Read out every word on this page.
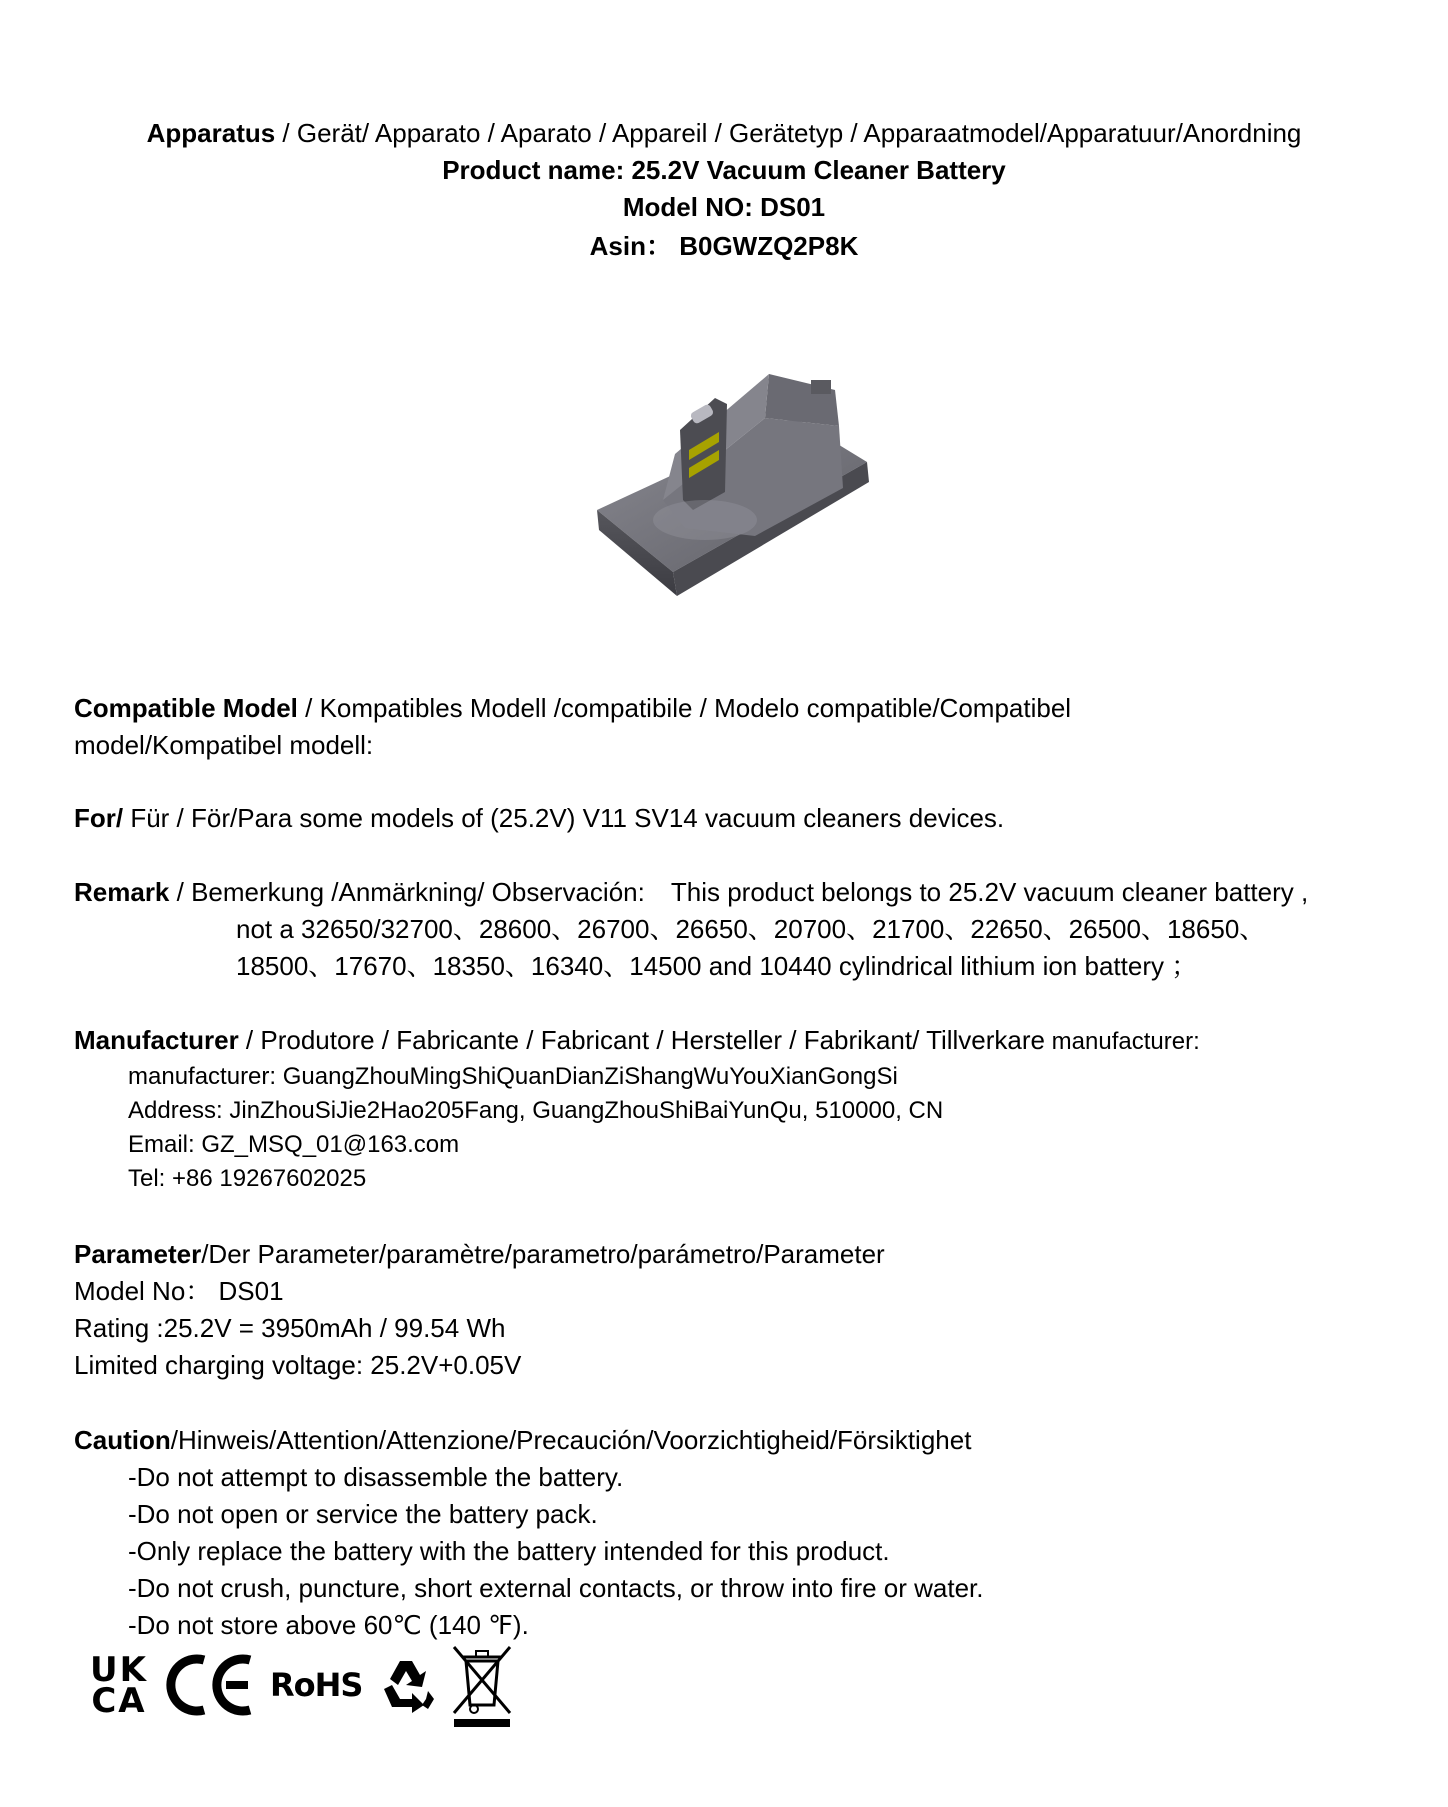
Apparatus / Gerät/ Apparato / Aparato / Appareil / Gerätetyp / Apparaatmodel/Apparatuur/Anordning
Product name: 25.2V Vacuum Cleaner Battery
Model NO: DS01
Asin： B0GWZQ2P8K
Compatible Model / Kompatibles Modell /compatibile / Modelo compatible/Compatibel
model/Kompatibel modell:
For/ Für / För/Para some models of (25.2V) V11 SV14 vacuum cleaners devices.
Remark / Bemerkung /Anmärkning/ Observación: This product belongs to 25.2V vacuum cleaner battery ,
not a 32650/32700、28600、26700、26650、20700、21700、22650、26500、18650、
18500、17670、18350、16340、14500 and 10440 cylindrical lithium ion battery ；
Manufacturer / Produtore / Fabricante / Fabricant / Hersteller / Fabrikant/ Tillverkare manufacturer:
manufacturer: GuangZhouMingShiQuanDianZiShangWuYouXianGongSi
Address: JinZhouSiJie2Hao205Fang, GuangZhouShiBaiYunQu, 510000, CN
Email: GZ_MSQ_01@163.com
Tel: +86 19267602025
Parameter/Der Parameter/paramètre/parametro/parámetro/Parameter
Model No： DS01
Rating :25.2V = 3950mAh / 99.54 Wh
Limited charging voltage: 25.2V+0.05V
Caution/Hinweis/Attention/Attenzione/Precaución/Voorzichtigheid/Försiktighet
-Do not attempt to disassemble the battery.
-Do not open or service the battery pack.
-Only replace the battery with the battery intended for this product.
-Do not crush, puncture, short external contacts, or throw into fire or water.
-Do not store above 60℃ (140 ℉).
UK
CA	RoHS
